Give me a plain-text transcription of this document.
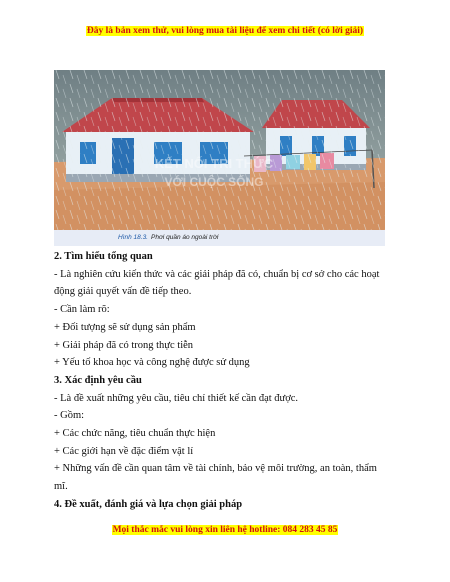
Đây là bản xem thử, vui lòng mua tài liệu để xem chi tiết (có lời giải)
KẾT NỐI TRI THỨC
VỚI CUỘC SỐNG
Hình 18.3. Phơi quần áo ngoài trời
2. Tìm hiểu tổng quan
- Là nghiên cứu kiến thức và các giải pháp đã có, chuẩn bị cơ sở cho các hoạt
động giải quyết vấn đề tiếp theo.
- Cần làm rõ:
+ Đối tượng sẽ sử dụng sản phẩm
+ Giải pháp đã có trong thực tiễn
+ Yếu tố khoa học và công nghệ được sử dụng
3. Xác định yêu cầu
- Là đề xuất những yêu cầu, tiêu chí thiết kế cần đạt được.
- Gồm:
+ Các chức năng, tiêu chuẩn thực hiện
+ Các giới hạn về đặc điểm vật lí
+ Những vấn đề cần quan tâm về tài chính, bảo vệ môi trường, an toàn, thẩm
mĩ.
4. Đề xuất, đánh giá và lựa chọn giải pháp
Mọi thắc mắc vui lòng xin liên hệ hotline: 084 283 45 85
